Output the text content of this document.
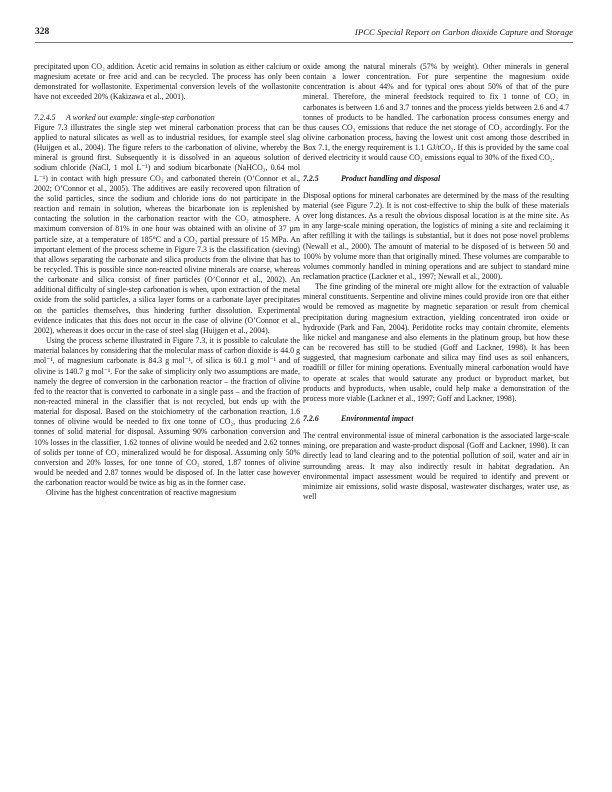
328	IPCC Special Report on Carbon dioxide Capture and Storage

precipitated upon CO₂ addition. Acetic acid remains in solution as either calcium or magnesium acetate or free acid and can be recycled. The process has only been demonstrated for wollastonite. Experimental conversion levels of the wollastonite have not exceeded 20% (Kakizawa et al., 2001).

7.2.4.5 A worked out example: single-step carbonation

Figure 7.3 illustrates the single step wet mineral carbonation process that can be applied to natural silicates as well as to industrial residues, for example steel slag (Huijgen et al., 2004). The figure refers to the carbonation of olivine, whereby the mineral is ground first. Subsequently it is dissolved in an aqueous solution of sodium chloride (NaCl, 1 mol L⁻¹) and sodium bicarbonate (NaHCO₃, 0.64 mol L⁻¹) in contact with high pressure CO₂ and carbonated therein (O’Connor et al., 2002; O’Connor et al., 2005). The additives are easily recovered upon filtration of the solid particles, since the sodium and chloride ions do not participate in the reaction and remain in solution, whereas the bicarbonate ion is replenished by contacting the solution in the carbonation reactor with the CO₂ atmosphere. A maximum conversion of 81% in one hour was obtained with an olivine of 37 µm particle size, at a temperature of 185°C and a CO₂ partial pressure of 15 MPa. An important element of the process scheme in Figure 7.3 is the classification (sieving) that allows separating the carbonate and silica products from the olivine that has to be recycled. This is possible since non-reacted olivine minerals are coarse, whereas the carbonate and silica consist of finer particles (O’Connor et al., 2002). An additional difficulty of single-step carbonation is when, upon extraction of the metal oxide from the solid particles, a silica layer forms or a carbonate layer precipitates on the particles themselves, thus hindering further dissolution. Experimental evidence indicates that this does not occur in the case of olivine (O’Connor et al., 2002), whereas it does occur in the case of steel slag (Huijgen et al., 2004).

Using the process scheme illustrated in Figure 7.3, it is possible to calculate the material balances by considering that the molecular mass of carbon dioxide is 44.0 g mol⁻¹, of magnesium carbonate is 84.3 g mol⁻¹, of silica is 60.1 g mol⁻¹ and of olivine is 140.7 g mol⁻¹. For the sake of simplicity only two assumptions are made, namely the degree of conversion in the carbonation reactor – the fraction of olivine fed to the reactor that is converted to carbonate in a single pass – and the fraction of non-reacted mineral in the classifier that is not recycled, but ends up with the material for disposal. Based on the stoichiometry of the carbonation reaction, 1.6 tonnes of olivine would be needed to fix one tonne of CO₂, thus producing 2.6 tonnes of solid material for disposal. Assuming 90% carbonation conversion and 10% losses in the classifier, 1.62 tonnes of olivine would be needed and 2.62 tonnes of solids per tonne of CO₂ mineralized would be for disposal. Assuming only 50% conversion and 20% losses, for one tonne of CO₂ stored, 1.87 tonnes of olivine would be needed and 2.87 tonnes would be disposed of. In the latter case however the carbonation reactor would be twice as big as in the former case.

Olivine has the highest concentration of reactive magnesium

oxide among the natural minerals (57% by weight). Other minerals in general contain a lower concentration. For pure serpentine the magnesium oxide concentration is about 44% and for typical ores about 50% of that of the pure mineral. Therefore, the mineral feedstock required to fix 1 tonne of CO₂ in carbonates is between 1.6 and 3.7 tonnes and the process yields between 2.6 and 4.7 tonnes of products to be handled. The carbonation process consumes energy and thus causes CO₂ emissions that reduce the net storage of CO₂ accordingly. For the olivine carbonation process, having the lowest unit cost among those described in Box 7.1, the energy requirement is 1.1 GJ/tCO₂. If this is provided by the same coal derived electricity it would cause CO₂ emissions equal to 30% of the fixed CO₂.

7.2.5	Product handling and disposal

Disposal options for mineral carbonates are determined by the mass of the resulting material (see Figure 7.2). It is not cost-effective to ship the bulk of these materials over long distances. As a result the obvious disposal location is at the mine site. As in any large-scale mining operation, the logistics of mining a site and reclaiming it after refilling it with the tailings is substantial, but it does not pose novel problems (Newall et al., 2000). The amount of material to be disposed of is between 50 and 100% by volume more than that originally mined. These volumes are comparable to volumes commonly handled in mining operations and are subject to standard mine reclamation practice (Lackner et al., 1997; Newall et al., 2000).

The fine grinding of the mineral ore might allow for the extraction of valuable mineral constituents. Serpentine and olivine mines could provide iron ore that either would be removed as magnetite by magnetic separation or result from chemical precipitation during magnesium extraction, yielding concentrated iron oxide or hydroxide (Park and Fan, 2004). Peridotite rocks may contain chromite, elements like nickel and manganese and also elements in the platinum group, but how these can be recovered has still to be studied (Goff and Lackner, 1998). It has been suggested, that magnesium carbonate and silica may find uses as soil enhancers, roadfill or filler for mining operations. Eventually mineral carbonation would have to operate at scales that would saturate any product or byproduct market, but products and byproducts, when usable, could help make a demonstration of the process more viable (Lackner et al., 1997; Goff and Lackner, 1998).

7.2.6	Environmental impact

The central environmental issue of mineral carbonation is the associated large-scale mining, ore preparation and waste-product disposal (Goff and Lackner, 1998). It can directly lead to land clearing and to the potential pollution of soil, water and air in surrounding areas. It may also indirectly result in habitat degradation. An environmental impact assessment would be required to identify and prevent or minimize air emissions, solid waste disposal, wastewater discharges, water use, as well
